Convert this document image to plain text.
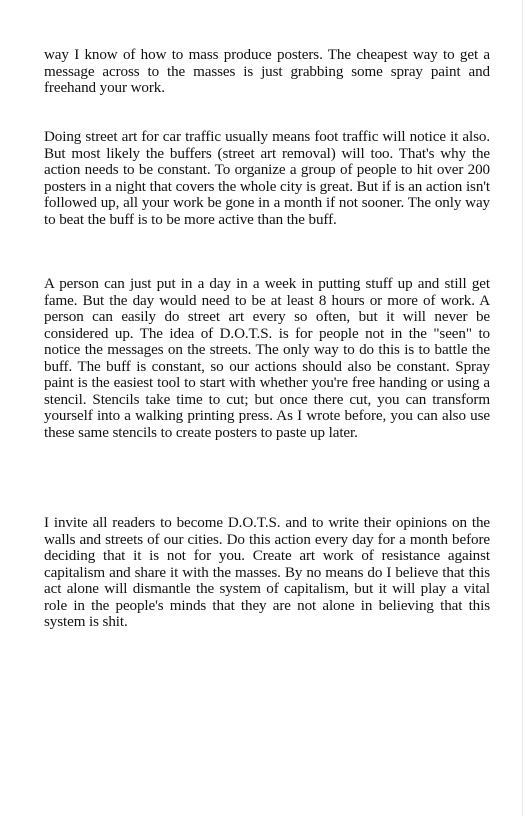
way I know of how to mass produce posters. The cheapest way to get a message across to the masses is just grabbing some spray paint and freehand your work.

Doing street art for car traffic usually means foot traffic will notice it also. But most likely the buffers (street art removal) will too. That's why the action needs to be constant. To organize a group of people to hit over 200 posters in a night that covers the whole city is great. But if is an action isn't followed up, all your work be gone in a month if not sooner. The only way to beat the buff is to be more active than the buff.

A person can just put in a day in a week in putting stuff up and still get fame. But the day would need to be at least 8 hours or more of work. A person can easily do street art every so often, but it will never be considered up. The idea of D.O.T.S. is for people not in the "seen" to notice the messages on the streets. The only way to do this is to battle the buff. The buff is constant, so our actions should also be constant. Spray paint is the easiest tool to start with whether you're free handing or using a stencil. Stencils take time to cut; but once there cut, you can transform yourself into a walking printing press. As I wrote before, you can also use these same stencils to create posters to paste up later.

I invite all readers to become D.O.T.S. and to write their opinions on the walls and streets of our cities. Do this action every day for a month before deciding that it is not for you. Create art work of resistance against capitalism and share it with the masses. By no means do I believe that this act alone will dismantle the system of capitalism, but it will play a vital role in the people's minds that they are not alone in believing that this system is shit.
